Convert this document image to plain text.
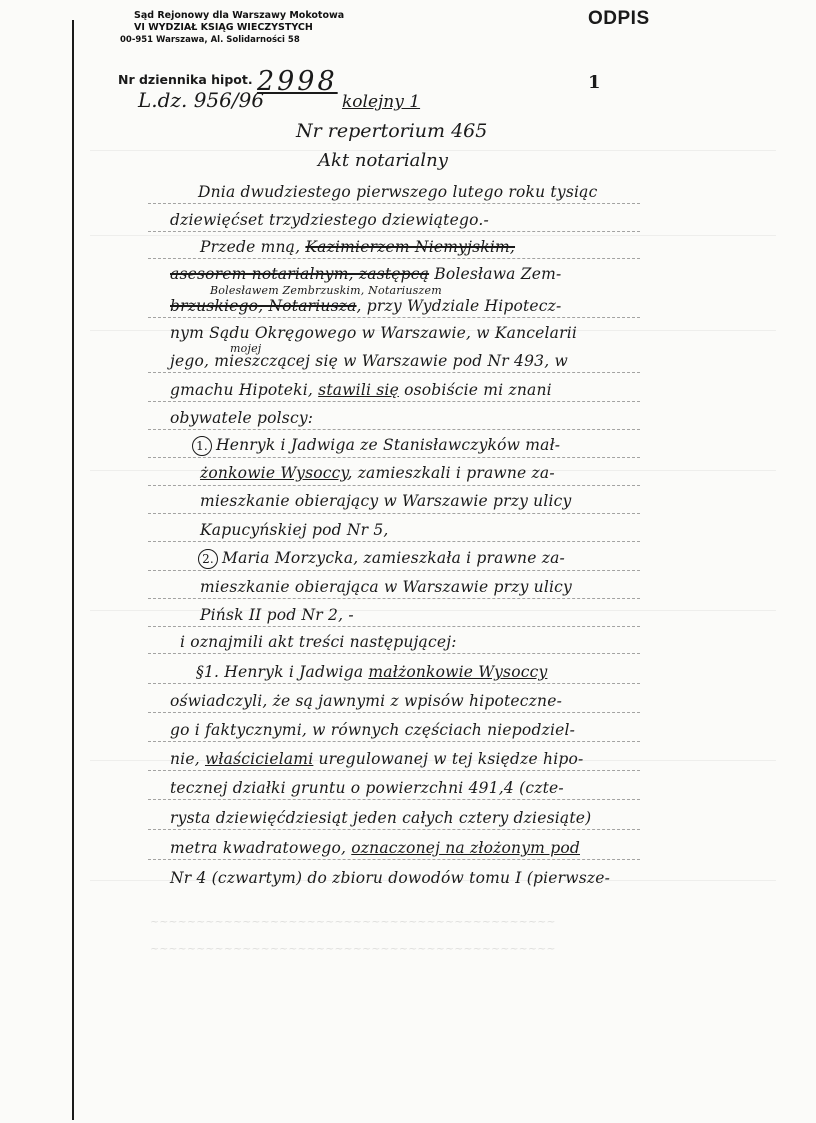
Sąd Rejonowy dla Warszawy Mokotowa
VI WYDZIAŁ KSIĄG WIECZYSTYCH
00-951 Warszawa, Al. Solidarności 58
ODPIS
1
Nr dziennika hipot. 2998
L.dz. 956/96	kolejny 1
Nr repertorium 465
Akt notarialny
Dnia dwudziestego pierwszego lutego roku tysiąc
dziewięćset trzydziestego dziewiątego.-
Przede mną, Kazimierzem Niemyjskim,
asesorem notarialnym, zastępcą Bolesława Zem-
Bolesławem Zembrzuskim, Notariuszem
brzuskiego, Notariusza, przy Wydziale Hipotecz-
nym Sądu Okręgowego w Warszawie, w Kancelarii
mojej
jego, mieszczącej się w Warszawie pod Nr 493, w
gmachu Hipoteki, stawili się osobiście mi znani
obywatele polscy:
1. Henryk i Jadwiga ze Stanisławczyków mał-
żonkowie Wysoccy, zamieszkali i prawne za-
mieszkanie obierający w Warszawie przy ulicy
Kapucyńskiej pod Nr 5,
2. Maria Morzycka, zamieszkała i prawne za-
mieszkanie obierająca w Warszawie przy ulicy
Pińsk II pod Nr 2, -
i oznajmili akt treści następującej:
§1. Henryk i Jadwiga małżonkowie Wysoccy
oświadczyli, że są jawnymi z wpisów hipoteczne-
go i faktycznymi, w równych częściach niepodziel-
nie, właścicielami uregulowanej w tej księdze hipo-
tecznej działki gruntu o powierzchni 491,4 (czte-
rysta dziewięćdziesiąt jeden całych cztery dziesiąte)
metra kwadratowego, oznaczonej na złożonym pod
Nr 4 (czwartym) do zbioru dowodów tomu I (pierwsze-
~~~~~~~~~~~~~~~~~~~~~~~~~~~~~~~~~~~~~~~~~~~~
~~~~~~~~~~~~~~~~~~~~~~~~~~~~~~~~~~~~~~~~~~~~
